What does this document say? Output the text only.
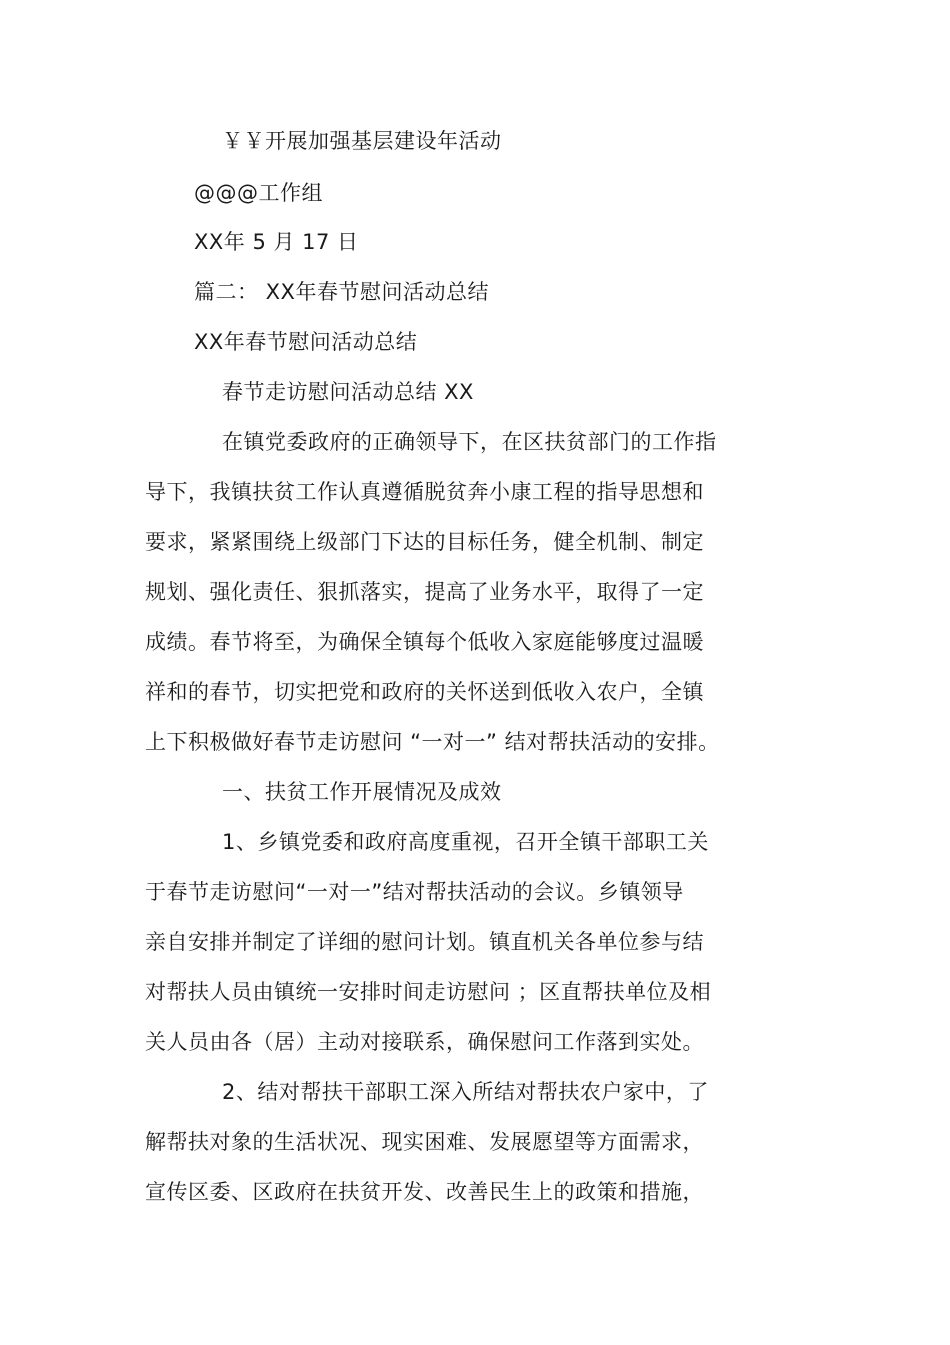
￥￥开展加强基层建设年活动
@@@工作组
XX年 5 月 17 日
篇二： XX年春节慰问活动总结
XX年春节慰问活动总结
春节走访慰问活动总结 XX
在镇党委政府的正确领导下，在区扶贫部门的工作指
导下，我镇扶贫工作认真遵循脱贫奔小康工程的指导思想和
要求，紧紧围绕上级部门下达的目标任务，健全机制、制定
规划、强化责任、狠抓落实，提高了业务水平，取得了一定
成绩。春节将至，为确保全镇每个低收入家庭能够度过温暖
祥和的春节，切实把党和政府的关怀送到低收入农户，全镇
上下积极做好春节走访慰问 “一对一” 结对帮扶活动的安排。
一、扶贫工作开展情况及成效
1、乡镇党委和政府高度重视，召开全镇干部职工关
于春节走访慰问“一对一”结对帮扶活动的会议。乡镇领导
亲自安排并制定了详细的慰问计划。镇直机关各单位参与结
对帮扶人员由镇统一安排时间走访慰问 ；区直帮扶单位及相
关人员由各（居）主动对接联系，确保慰问工作落到实处。
2、结对帮扶干部职工深入所结对帮扶农户家中，了
解帮扶对象的生活状况、现实困难、发展愿望等方面需求，
宣传区委、区政府在扶贫开发、改善民生上的政策和措施，
